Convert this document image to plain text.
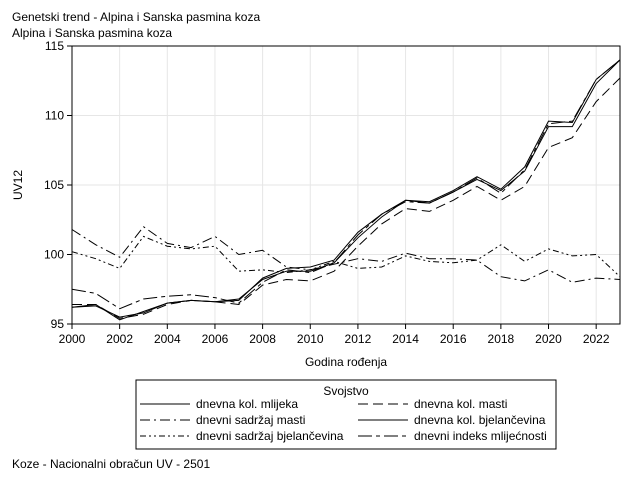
Genetski trend - Alpina i Sanska pasmina koza
Alpina i Sanska pasmina koza
2000 2002 2004 2006 2008 2010 2012 2014 2016 2018 2020 2022
95
100
105
110
115
Godina rođenja
UV12
Svojstvo
dnevna kol. mlijeka	dnevna kol. masti
dnevni sadržaj masti	dnevna kol. bjelančevina
dnevni sadržaj bjelančevina	dnevni indeks mlijećnosti
Koze - Nacionalni obračun UV - 2501
